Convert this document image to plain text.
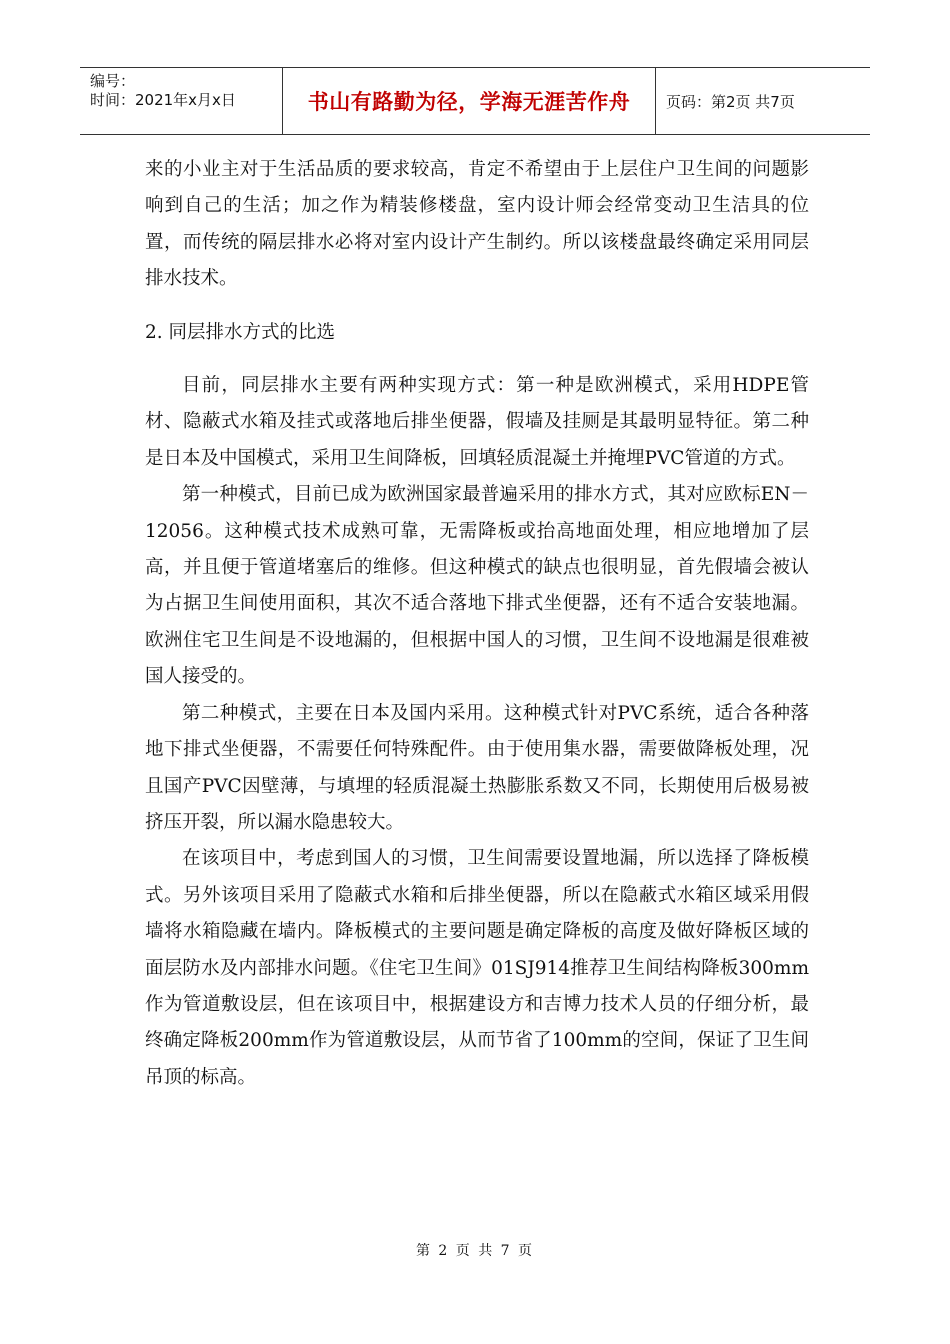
编号：
时间：2021年x月x日	书山有路勤为径，学海无涯苦作舟	页码：第2页 共7页

来的小业主对于生活品质的要求较高，肯定不希望由于上层住户卫生间的问题影响到自己的生活；加之作为精装修楼盘，室内设计师会经常变动卫生洁具的位置，而传统的隔层排水必将对室内设计产生制约。所以该楼盘最终确定采用同层排水技术。

2. 同层排水方式的比选

目前，同层排水主要有两种实现方式：第一种是欧洲模式，采用HDPE管材、隐蔽式水箱及挂式或落地后排坐便器，假墙及挂厕是其最明显特征。第二种是日本及中国模式，采用卫生间降板，回填轻质混凝土并掩埋PVC管道的方式。

第一种模式，目前已成为欧洲国家最普遍采用的排水方式，其对应欧标EN－12056。这种模式技术成熟可靠，无需降板或抬高地面处理，相应地增加了层高，并且便于管道堵塞后的维修。但这种模式的缺点也很明显，首先假墙会被认为占据卫生间使用面积，其次不适合落地下排式坐便器，还有不适合安装地漏。欧洲住宅卫生间是不设地漏的，但根据中国人的习惯，卫生间不设地漏是很难被国人接受的。

第二种模式，主要在日本及国内采用。这种模式针对PVC系统，适合各种落地下排式坐便器，不需要任何特殊配件。由于使用集水器，需要做降板处理，况且国产PVC因壁薄，与填埋的轻质混凝土热膨胀系数又不同，长期使用后极易被挤压开裂，所以漏水隐患较大。

在该项目中，考虑到国人的习惯，卫生间需要设置地漏，所以选择了降板模式。另外该项目采用了隐蔽式水箱和后排坐便器，所以在隐蔽式水箱区域采用假墙将水箱隐藏在墙内。降板模式的主要问题是确定降板的高度及做好降板区域的面层防水及内部排水问题。《住宅卫生间》01SJ914推荐卫生间结构降板300mm作为管道敷设层，但在该项目中，根据建设方和吉博力技术人员的仔细分析，最终确定降板200mm作为管道敷设层，从而节省了100mm的空间，保证了卫生间吊顶的标高。

第 2 页 共 7 页
